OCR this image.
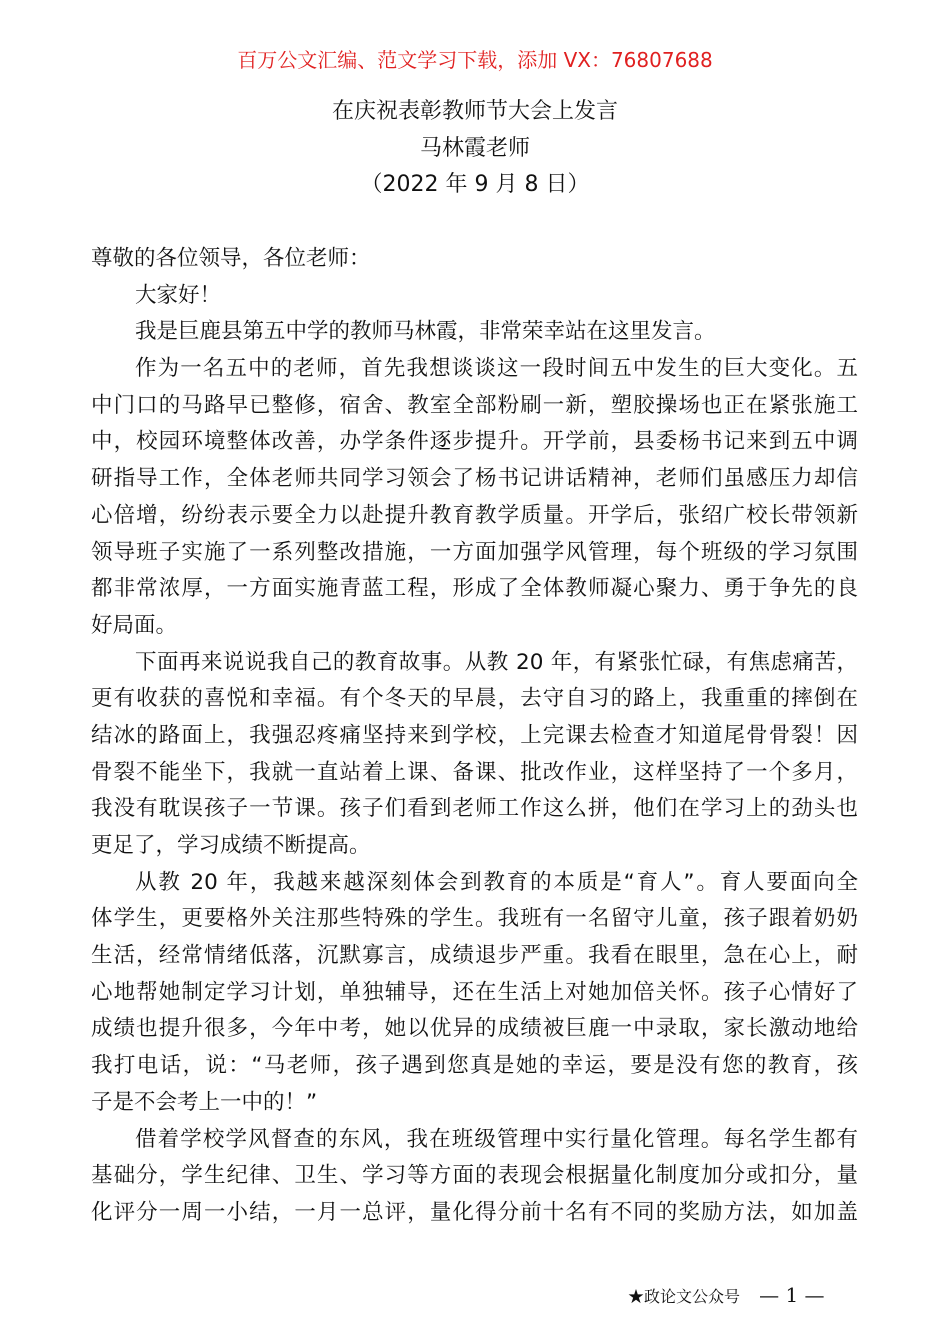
百万公文汇编、范文学习下载，添加 VX：76807688
在庆祝表彰教师节大会上发言
马林霞老师
（2022 年 9 月 8 日）
尊敬的各位领导，各位老师：
大家好！
我是巨鹿县第五中学的教师马林霞，非常荣幸站在这里发言。
作为一名五中的老师，首先我想谈谈这一段时间五中发生的巨大变化。五
中门口的马路早已整修，宿舍、教室全部粉刷一新，塑胶操场也正在紧张施工
中，校园环境整体改善，办学条件逐步提升。开学前，县委杨书记来到五中调
研指导工作，全体老师共同学习领会了杨书记讲话精神，老师们虽感压力却信
心倍增，纷纷表示要全力以赴提升教育教学质量。开学后，张绍广校长带领新
领导班子实施了一系列整改措施，一方面加强学风管理，每个班级的学习氛围
都非常浓厚，一方面实施青蓝工程，形成了全体教师凝心聚力、勇于争先的良
好局面。
下面再来说说我自己的教育故事。从教 20 年，有紧张忙碌，有焦虑痛苦，
更有收获的喜悦和幸福。有个冬天的早晨，去守自习的路上，我重重的摔倒在
结冰的路面上，我强忍疼痛坚持来到学校，上完课去检查才知道尾骨骨裂！因
骨裂不能坐下，我就一直站着上课、备课、批改作业，这样坚持了一个多月，
我没有耽误孩子一节课。孩子们看到老师工作这么拼，他们在学习上的劲头也
更足了，学习成绩不断提高。
从教 20 年，我越来越深刻体会到教育的本质是“育人”。育人要面向全
体学生，更要格外关注那些特殊的学生。我班有一名留守儿童，孩子跟着奶奶
生活，经常情绪低落，沉默寡言，成绩退步严重。我看在眼里，急在心上，耐
心地帮她制定学习计划，单独辅导，还在生活上对她加倍关怀。孩子心情好了
成绩也提升很多，今年中考，她以优异的成绩被巨鹿一中录取，家长激动地给
我打电话，说：“马老师，孩子遇到您真是她的幸运，要是没有您的教育，孩
子是不会考上一中的！”
借着学校学风督查的东风，我在班级管理中实行量化管理。每名学生都有
基础分，学生纪律、卫生、学习等方面的表现会根据量化制度加分或扣分，量
化评分一周一小结，一月一总评，量化得分前十名有不同的奖励方法，如加盖
★政论文公众号 — 1 —
